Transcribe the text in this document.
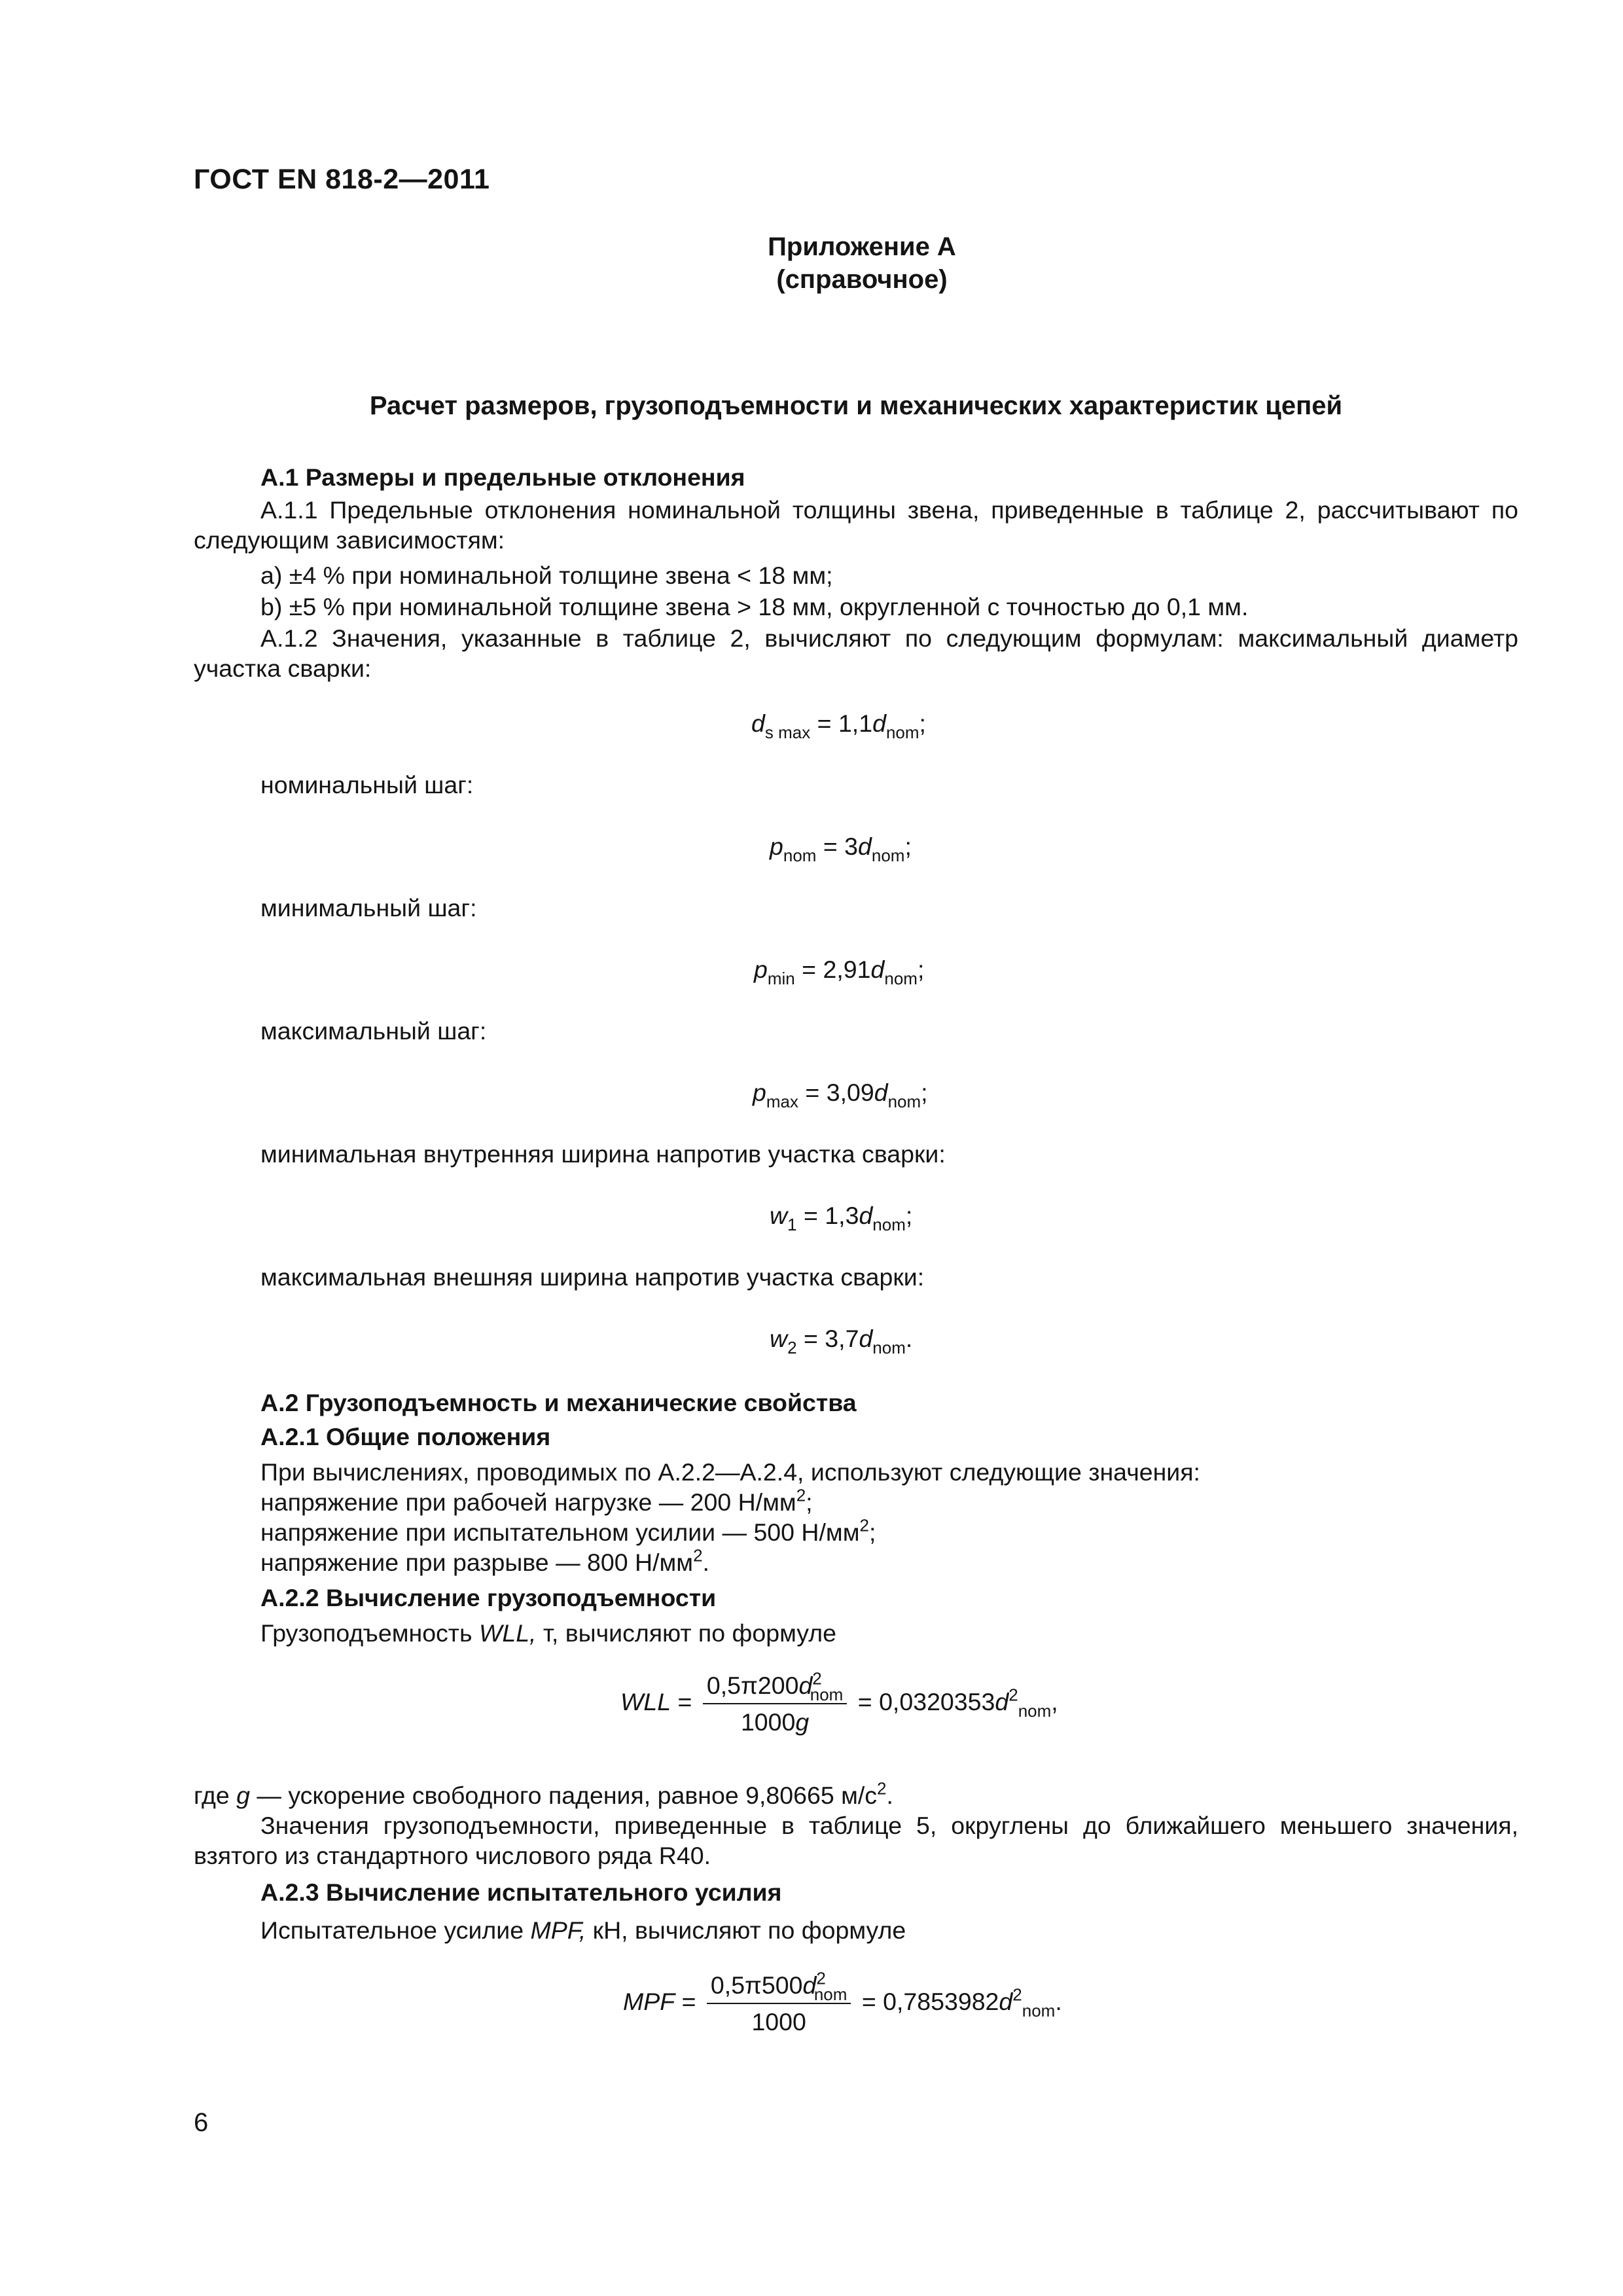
ГОСТ EN 818-2—2011
Приложение А
(справочное)
Расчет размеров, грузоподъемности и механических характеристик цепей
А.1 Размеры и предельные отклонения
А.1.1 Предельные отклонения номинальной толщины звена, приведенные в таблице 2, рассчитывают по следующим зависимостям:
a) ±4 % при номинальной толщине звена < 18 мм;
b) ±5 % при номинальной толщине звена > 18 мм, округленной с точностью до 0,1 мм.
А.1.2 Значения, указанные в таблице 2, вычисляют по следующим формулам: максимальный диаметр участка сварки:
$d_{s max} = 1,1d_{nom}$;
номинальный шаг:
$p_{nom} = 3d_{nom}$;
минимальный шаг:
$p_{min} = 2,91d_{nom}$;
максимальный шаг:
$p_{max} = 3,09d_{nom}$;
минимальная внутренняя ширина напротив участка сварки:
$w_1 = 1,3d_{nom}$;
максимальная внешняя ширина напротив участка сварки:
$w_2 = 3,7d_{nom}$.
А.2 Грузоподъемность и механические свойства
А.2.1 Общие положения
При вычислениях, проводимых по А.2.2—А.2.4, используют следующие значения:
напряжение при рабочей нагрузке — 200 $Н/мм^2$;
напряжение при испытательном усилии — 500 $Н/мм^2$;
напряжение при разрыве — 800 $Н/мм^2$.
А.2.2 Вычисление грузоподъемности
Грузоподъемность WLL, т, вычисляют по формуле
WLL = $\frac{0,5\pi 200d^2_{nom}}{1000g} = 0,0320353d^2_{nom}$,
где g — ускорение свободного падения, равное 9,80665 $м/с^2$.
Значения грузоподъемности, приведенные в таблице 5, округлены до ближайшего меньшего значения, взятого из стандартного числового ряда R40.
А.2.3 Вычисление испытательного усилия
Испытательное усилие MPF, кН, вычисляют по формуле
MPF = $\frac{0,5\pi 500d^2_{nom}}{1000} = 0,7853982d^2_{nom}$.
6
